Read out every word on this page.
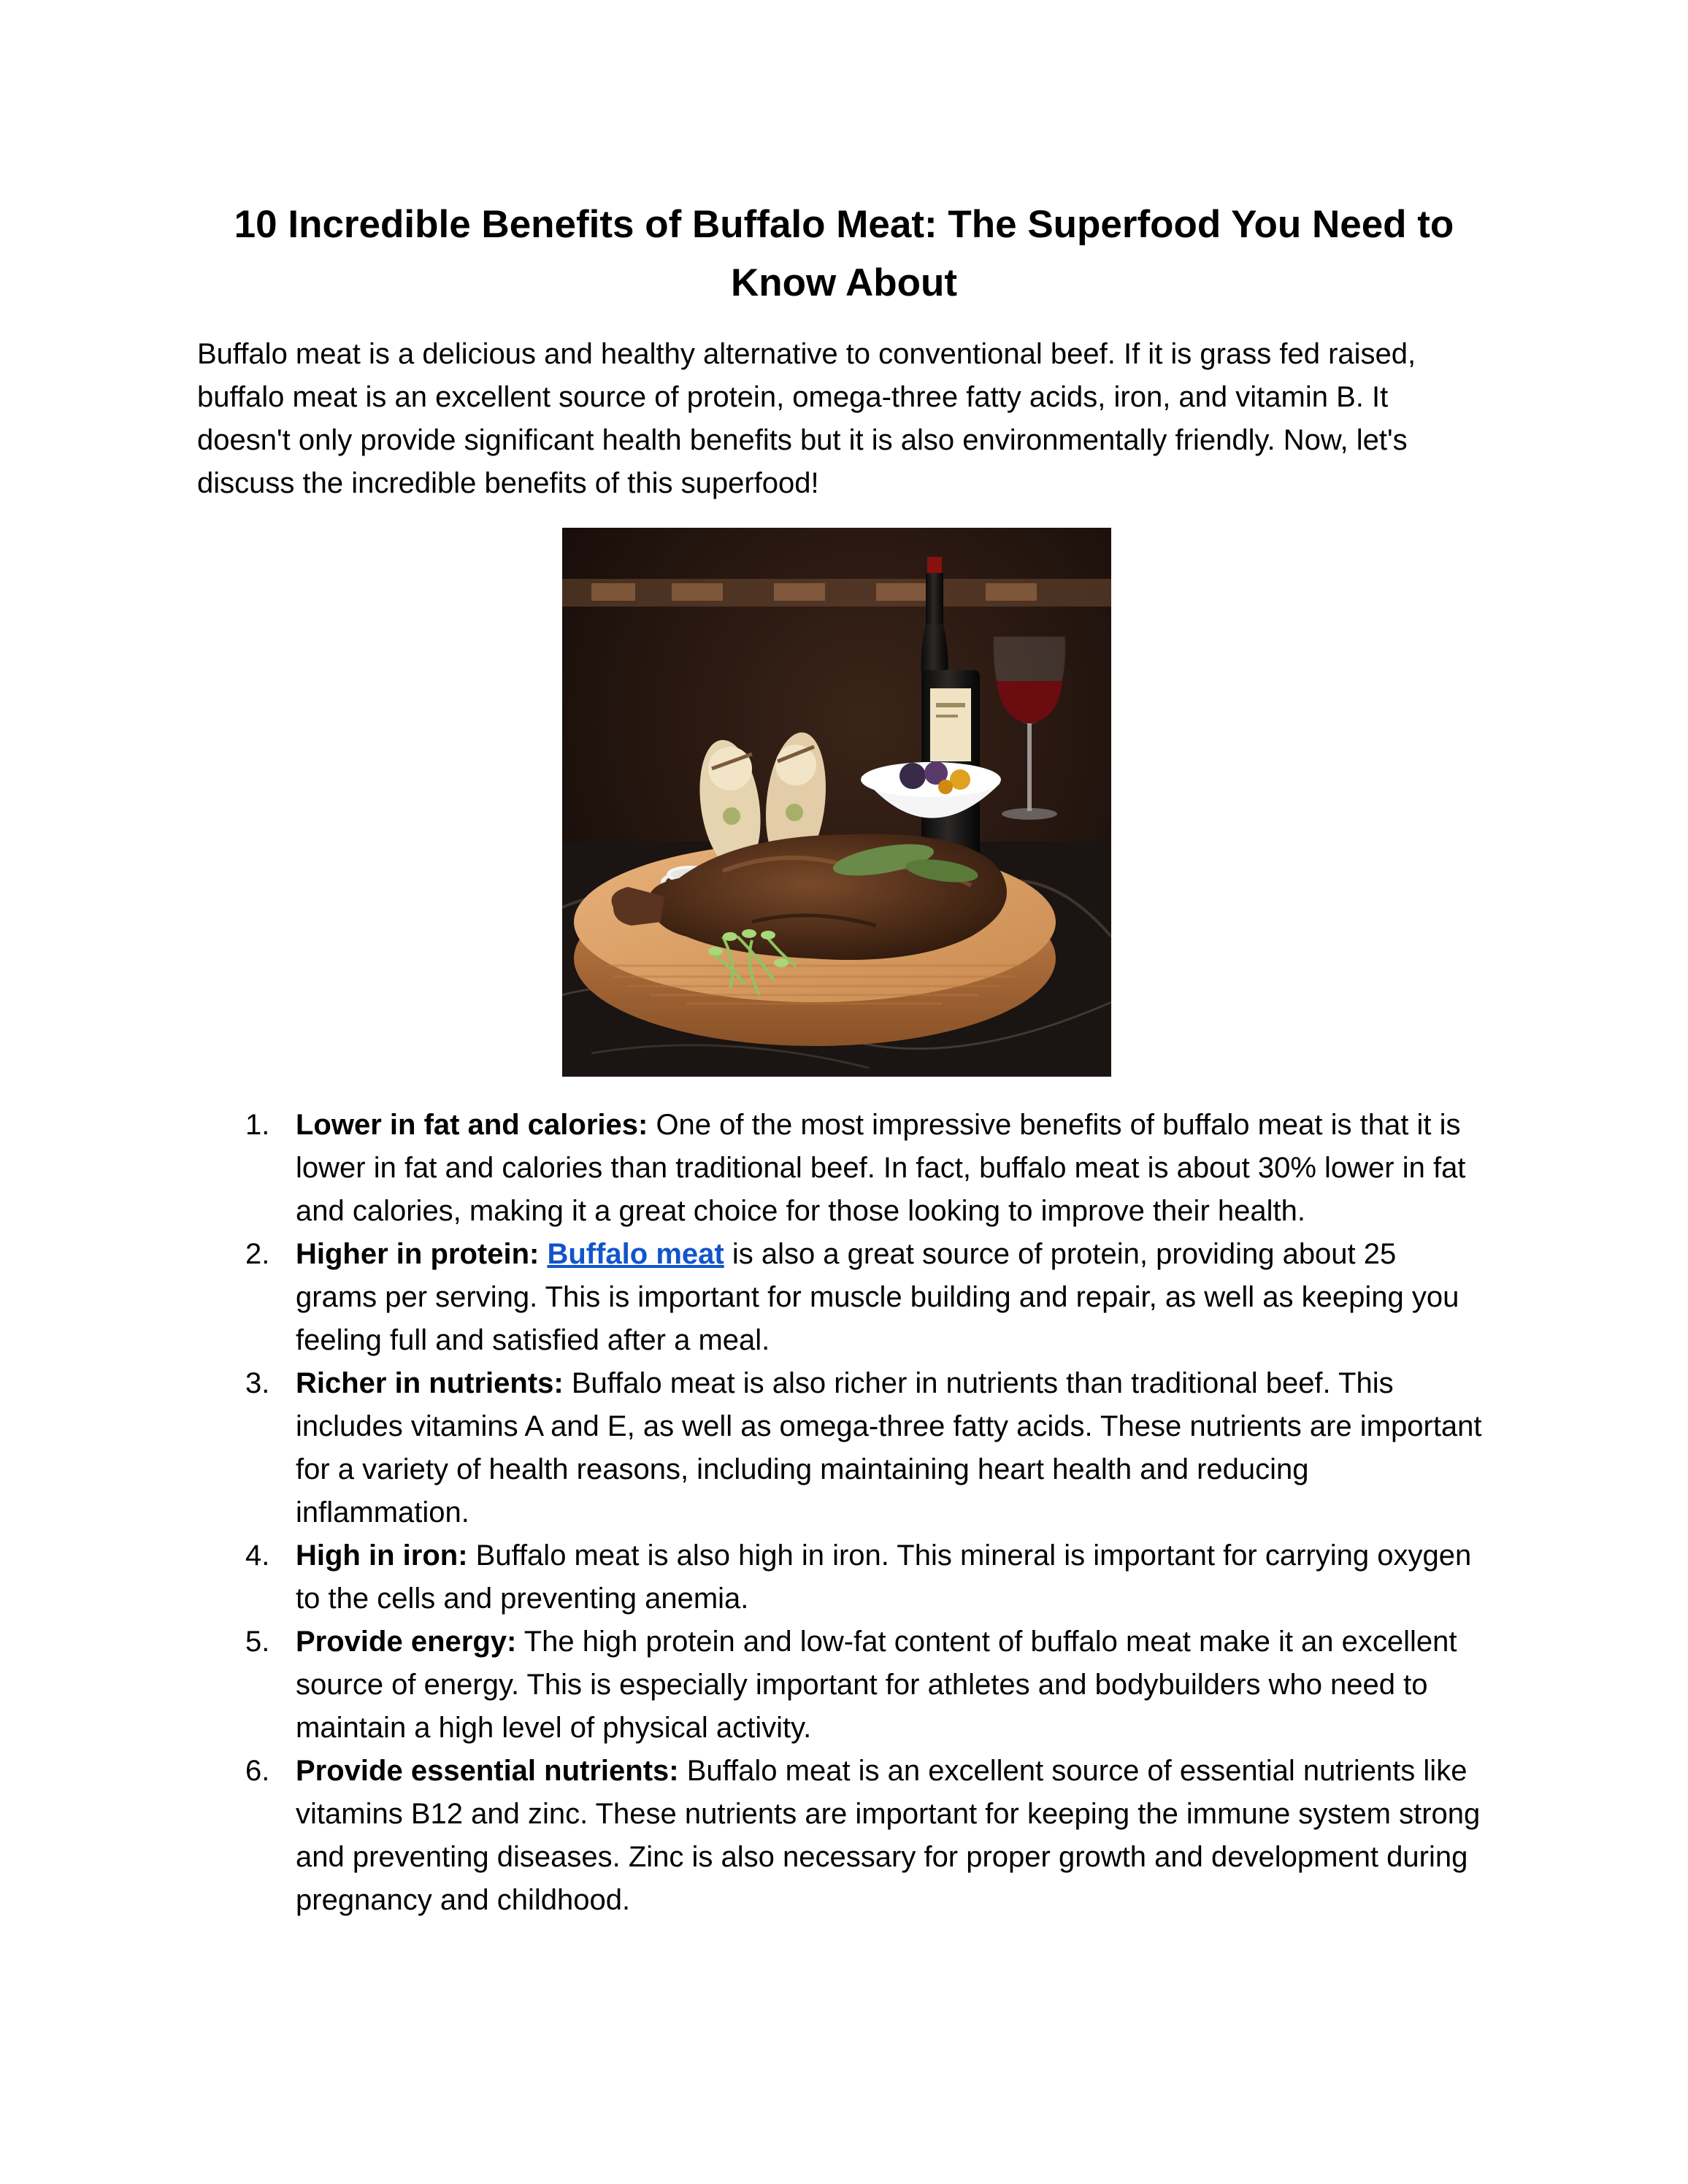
10 Incredible Benefits of Buffalo Meat: The Superfood You Need to Know About

Buffalo meat is a delicious and healthy alternative to conventional beef. If it is grass fed raised, buffalo meat is an excellent source of protein, omega-three fatty acids, iron, and vitamin B. It doesn't only provide significant health benefits but it is also environmentally friendly. Now, let's discuss the incredible benefits of this superfood!

1. Lower in fat and calories: One of the most impressive benefits of buffalo meat is that it is lower in fat and calories than traditional beef. In fact, buffalo meat is about 30% lower in fat and calories, making it a great choice for those looking to improve their health.
2. Higher in protein: Buffalo meat is also a great source of protein, providing about 25 grams per serving. This is important for muscle building and repair, as well as keeping you feeling full and satisfied after a meal.
3. Richer in nutrients: Buffalo meat is also richer in nutrients than traditional beef. This includes vitamins A and E, as well as omega-three fatty acids. These nutrients are important for a variety of health reasons, including maintaining heart health and reducing inflammation.
4. High in iron: Buffalo meat is also high in iron. This mineral is important for carrying oxygen to the cells and preventing anemia.
5. Provide energy: The high protein and low-fat content of buffalo meat make it an excellent source of energy. This is especially important for athletes and bodybuilders who need to maintain a high level of physical activity.
6. Provide essential nutrients: Buffalo meat is an excellent source of essential nutrients like vitamins B12 and zinc. These nutrients are important for keeping the immune system strong and preventing diseases. Zinc is also necessary for proper growth and development during pregnancy and childhood.
